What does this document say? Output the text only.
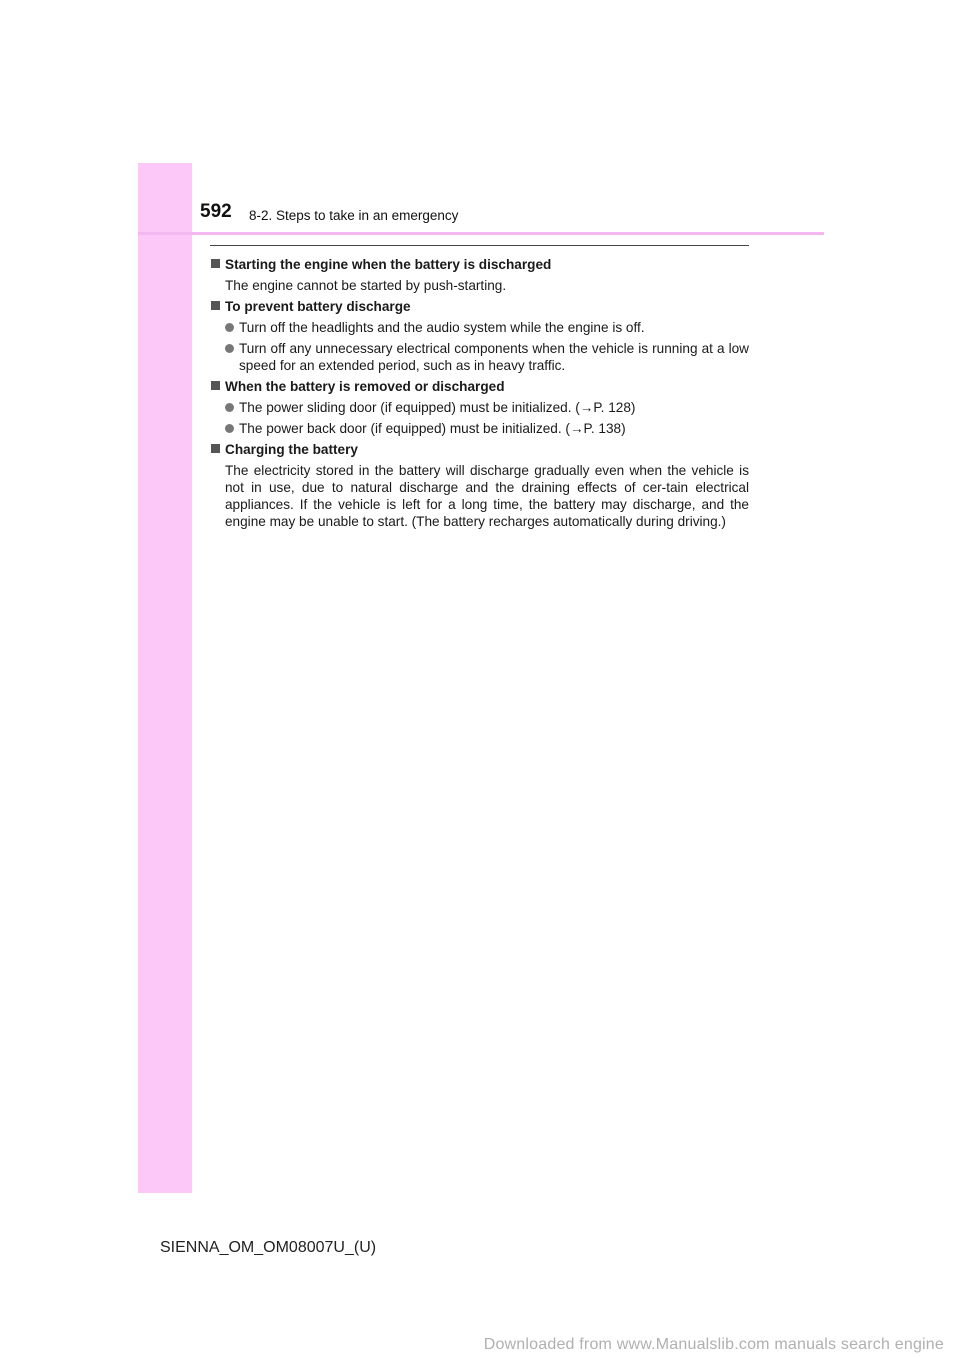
592 8-2. Steps to take in an emergency
Starting the engine when the battery is discharged
The engine cannot be started by push-starting.
To prevent battery discharge
Turn off the headlights and the audio system while the engine is off.
Turn off any unnecessary electrical components when the vehicle is running at a low speed for an extended period, such as in heavy traffic.
When the battery is removed or discharged
The power sliding door (if equipped) must be initialized. (→P. 128)
The power back door (if equipped) must be initialized. (→P. 138)
Charging the battery
The electricity stored in the battery will discharge gradually even when the vehicle is not in use, due to natural discharge and the draining effects of cer-tain electrical appliances. If the vehicle is left for a long time, the battery may discharge, and the engine may be unable to start. (The battery recharges automatically during driving.)
SIENNA_OM_OM08007U_(U)
Downloaded from www.Manualslib.com manuals search engine
